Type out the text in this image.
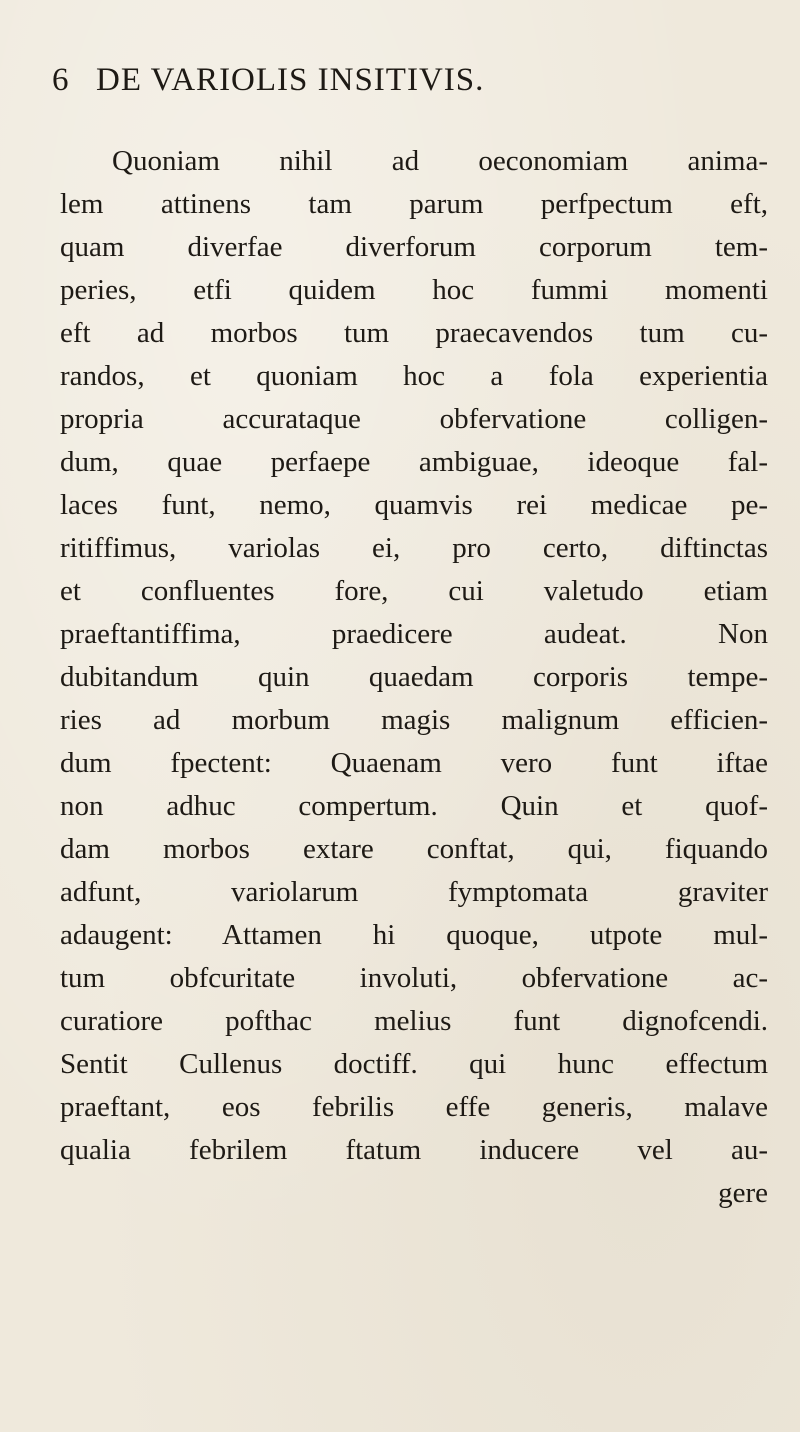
6 DE VARIOLIS INSITIVIS.
Quoniam nihil ad oeconomiam anima-
lem attinens tam parum perfpectum eft,
quam diverfae diverforum corporum tem-
peries, etfi quidem hoc fummi momenti
eft ad morbos tum praecavendos tum cu-
randos, et quoniam hoc a fola experientia
propria accurataque obfervatione colligen-
dum, quae perfaepe ambiguae, ideoque fal-
laces funt, nemo, quamvis rei medicae pe-
ritiffimus, variolas ei, pro certo, diftinctas
et confluentes fore, cui valetudo etiam
praeftantiffima, praedicere audeat. Non
dubitandum quin quaedam corporis tempe-
ries ad morbum magis malignum efficien-
dum fpectent: Quaenam vero funt iftae
non adhuc compertum. Quin et quof-
dam morbos extare conftat, qui, fiquando
adfunt, variolarum fymptomata graviter
adaugent: Attamen hi quoque, utpote mul-
tum obfcuritate involuti, obfervatione ac-
curatiore pofthac melius funt dignofcendi.
Sentit Cullenus doctiff. qui hunc effectum
praeftant, eos febrilis effe generis, malave
qualia febrilem ftatum inducere vel au-
gere
